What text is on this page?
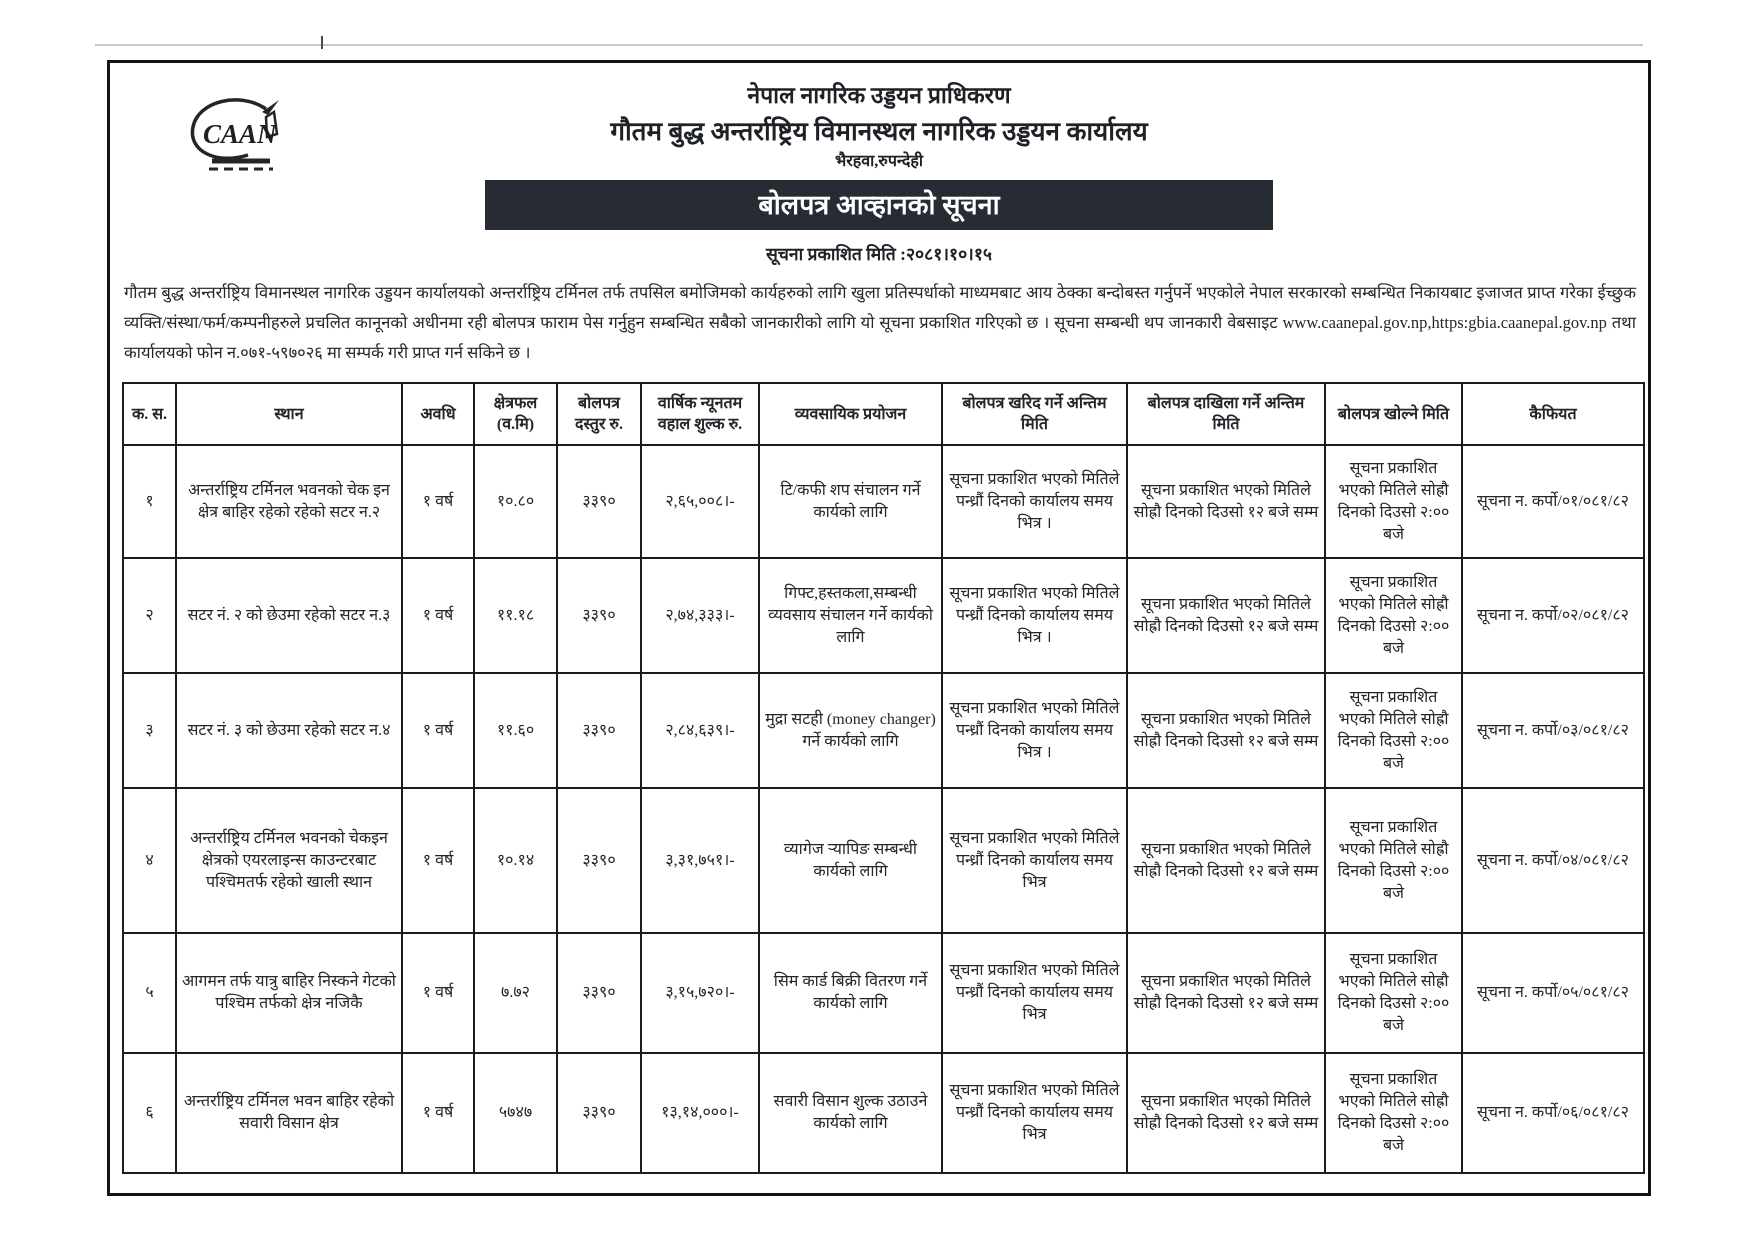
CAAN
नेपाल नागरिक उड्डयन प्राधिकरण
गौतम बुद्ध अन्तर्राष्ट्रिय विमानस्थल नागरिक उड्डयन कार्यालय
भैरहवा,रुपन्देही
बोलपत्र आव्हानको सूचना
सूचना प्रकाशित मिति :२०८१।१०।१५
गौतम बुद्ध अन्तर्राष्ट्रिय विमानस्थल नागरिक उड्डयन कार्यालयको अन्तर्राष्ट्रिय टर्मिनल तर्फ तपसिल बमोजिमको कार्यहरुको लागि खुला प्रतिस्पर्धाको माध्यमबाट आय ठेक्का बन्दोबस्त गर्नुपर्ने भएकोले नेपाल सरकारको सम्बन्धित निकायबाट इजाजत प्राप्त गरेका ईच्छुक व्यक्ति/संस्था/फर्म/कम्पनीहरुले प्रचलित कानूनको अधीनमा रही बोलपत्र फाराम पेस गर्नुहुन सम्बन्धित सबैको जानकारीको लागि यो सूचना प्रकाशित गरिएको छ । सूचना सम्बन्धी थप जानकारी वेबसाइट www.caanepal.gov.np,https:gbia.caanepal.gov.np तथा कार्यालयको फोन न.०७१-५९७०२६ मा सम्पर्क गरी प्राप्त गर्न सकिने छ ।
क. स.	स्थान	अवधि	क्षेत्रफल (व.मि)	बोलपत्र दस्तुर रु.	वार्षिक न्यूनतम वहाल शुल्क रु.	व्यवसायिक प्रयोजन	बोलपत्र खरिद गर्ने अन्तिम मिति	बोलपत्र दाखिला गर्ने अन्तिम मिति	बोलपत्र खोल्ने मिति	कैफियत
१	अन्तर्राष्ट्रिय टर्मिनल भवनको चेक इन क्षेत्र बाहिर रहेको रहेको सटर न.२	१ वर्ष	१०.८०	३३९०	२,६५,००८।-	टि/कफी शप संचालन गर्ने कार्यको लागि	सूचना प्रकाशित भएको मितिले पन्ध्रौं दिनको कार्यालय समय भित्र ।	सूचना प्रकाशित भएको मितिले सोह्रौ दिनको दिउसो १२ बजे सम्म	सूचना प्रकाशित भएको मितिले सोह्रौ दिनको दिउसो २:०० बजे	सूचना न. कर्पो/०१/०८१/८२
२	सटर नं. २ को छेउमा रहेको सटर न.३	१ वर्ष	११.१८	३३९०	२,७४,३३३।-	गिफ्ट,हस्तकला,सम्बन्धी व्यवसाय संचालन गर्ने कार्यको लागि	सूचना प्रकाशित भएको मितिले पन्ध्रौं दिनको कार्यालय समय भित्र ।	सूचना प्रकाशित भएको मितिले सोह्रौ दिनको दिउसो १२ बजे सम्म	सूचना प्रकाशित भएको मितिले सोह्रौ दिनको दिउसो २:०० बजे	सूचना न. कर्पो/०२/०८१/८२
३	सटर नं. ३ को छेउमा रहेको सटर न.४	१ वर्ष	११.६०	३३९०	२,८४,६३९।-	मुद्रा सटही (money changer) गर्ने कार्यको लागि	सूचना प्रकाशित भएको मितिले पन्ध्रौं दिनको कार्यालय समय भित्र ।	सूचना प्रकाशित भएको मितिले सोह्रौ दिनको दिउसो १२ बजे सम्म	सूचना प्रकाशित भएको मितिले सोह्रौ दिनको दिउसो २:०० बजे	सूचना न. कर्पो/०३/०८१/८२
४	अन्तर्राष्ट्रिय टर्मिनल भवनको चेकइन क्षेत्रको एयरलाइन्स काउन्टरबाट पश्चिमतर्फ रहेको खाली स्थान	१ वर्ष	१०.१४	३३९०	३,३१,७५१।-	व्यागेज र्‍यापिङ सम्बन्धी कार्यको लागि	सूचना प्रकाशित भएको मितिले पन्ध्रौं दिनको कार्यालय समय भित्र	सूचना प्रकाशित भएको मितिले सोह्रौ दिनको दिउसो १२ बजे सम्म	सूचना प्रकाशित भएको मितिले सोह्रौ दिनको दिउसो २:०० बजे	सूचना न. कर्पो/०४/०८१/८२
५	आगमन तर्फ यात्रु बाहिर निस्कने गेटको पश्चिम तर्फको क्षेत्र नजिकै	१ वर्ष	७.७२	३३९०	३,१५,७२०।-	सिम कार्ड बिक्री वितरण गर्ने कार्यको लागि	सूचना प्रकाशित भएको मितिले पन्ध्रौं दिनको कार्यालय समय भित्र	सूचना प्रकाशित भएको मितिले सोह्रौ दिनको दिउसो १२ बजे सम्म	सूचना प्रकाशित भएको मितिले सोह्रौ दिनको दिउसो २:०० बजे	सूचना न. कर्पो/०५/०८१/८२
६	अन्तर्राष्ट्रिय टर्मिनल भवन बाहिर रहेको सवारी विसान क्षेत्र	१ वर्ष	५७४७	३३९०	१३,१४,०००।-	सवारी विसान शुल्क उठाउने कार्यको लागि	सूचना प्रकाशित भएको मितिले पन्ध्रौं दिनको कार्यालय समय भित्र	सूचना प्रकाशित भएको मितिले सोह्रौ दिनको दिउसो १२ बजे सम्म	सूचना प्रकाशित भएको मितिले सोह्रौ दिनको दिउसो २:०० बजे	सूचना न. कर्पो/०६/०८१/८२
